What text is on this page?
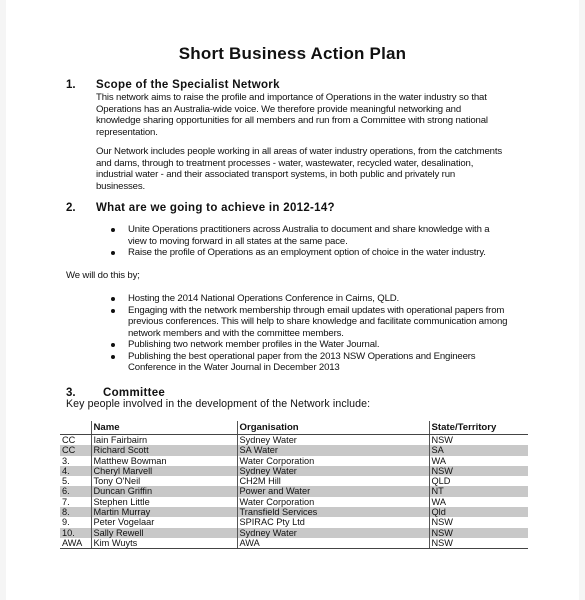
Short Business Action Plan
1. Scope of the Specialist Network

This network aims to raise the profile and importance of Operations in the water industry so that
Operations has an Australia-wide voice. We therefore provide meaningful networking and
knowledge sharing opportunities for all members and run from a Committee with strong national
representation.

Our Network includes people working in all areas of water industry operations, from the catchments
and dams, through to treatment processes - water, wastewater, recycled water, desalination,
industrial water - and their associated transport systems, in both public and privately run
businesses.

2. What are we going to achieve in 2012-14?
Unite Operations practitioners across Australia to document and share knowledge with a
view to moving forward in all states at the same pace.
Raise the profile of Operations as an employment option of choice in the water industry.
We will do this by;
Hosting the 2014 National Operations Conference in Cairns, QLD.
Engaging with the network membership through email updates with operational papers from
previous conferences. This will help to share knowledge and facilitate communication among
network members and with the committee members.
Publishing two network member profiles in the Water Journal.
Publishing the best operational paper from the 2013 NSW Operations and Engineers
Conference in the Water Journal in December 2013
3. Committee
Key people involved in the development of the Network include:
	Name	Organisation	State/Territory
CC	Iain Fairbairn	Sydney Water	NSW
CC	Richard Scott	SA Water	SA
3.	Matthew Bowman	Water Corporation	WA
4.	Cheryl Marvell	Sydney Water	NSW
5.	Tony O'Neil	CH2M Hill	QLD
6.	Duncan Griffin	Power and Water	NT
7.	Stephen Little	Water Corporation	WA
8.	Martin Murray	Transfield Services	Qld
9.	Peter Vogelaar	SPIRAC Pty Ltd	NSW
10.	Sally Rewell	Sydney Water	NSW
AWA	Kim Wuyts	AWA	NSW
